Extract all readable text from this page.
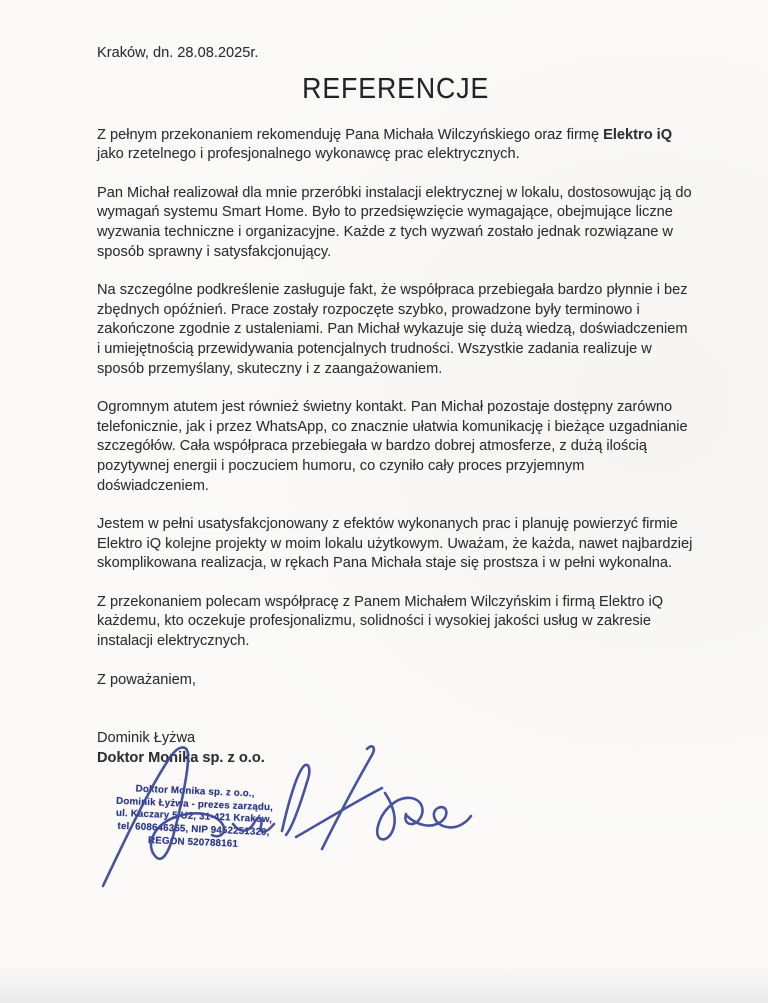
Kraków, dn. 28.08.2025r.
REFERENCJE

Z pełnym przekonaniem rekomenduję Pana Michała Wilczyńskiego oraz firmę Elektro iQ jako rzetelnego i profesjonalnego wykonawcę prac elektrycznych.

Pan Michał realizował dla mnie przeróbki instalacji elektrycznej w lokalu, dostosowując ją do wymagań systemu Smart Home. Było to przedsięwzięcie wymagające, obejmujące liczne wyzwania techniczne i organizacyjne. Każde z tych wyzwań zostało jednak rozwiązane w sposób sprawny i satysfakcjonujący.

Na szczególne podkreślenie zasługuje fakt, że współpraca przebiegała bardzo płynnie i bez zbędnych opóźnień. Prace zostały rozpoczęte szybko, prowadzone były terminowo i zakończone zgodnie z ustaleniami. Pan Michał wykazuje się dużą wiedzą, doświadczeniem i umiejętnością przewidywania potencjalnych trudności. Wszystkie zadania realizuje w sposób przemyślany, skuteczny i z zaangażowaniem.

Ogromnym atutem jest również świetny kontakt. Pan Michał pozostaje dostępny zarówno telefonicznie, jak i przez WhatsApp, co znacznie ułatwia komunikację i bieżące uzgadnianie szczegółów. Cała współpraca przebiegała w bardzo dobrej atmosferze, z dużą ilością pozytywnej energii i poczuciem humoru, co czyniło cały proces przyjemnym doświadczeniem.

Jestem w pełni usatysfakcjonowany z efektów wykonanych prac i planuję powierzyć firmie Elektro iQ kolejne projekty w moim lokalu użytkowym. Uważam, że każda, nawet najbardziej skomplikowana realizacja, w rękach Pana Michała staje się prostsza i w pełni wykonalna.

Z przekonaniem polecam współpracę z Panem Michałem Wilczyńskim i firmą Elektro iQ każdemu, kto oczekuje profesjonalizmu, solidności i wysokiej jakości usług w zakresie instalacji elektrycznych.

Z poważaniem,

Dominik Łyżwa

Doktor Monika sp. z o.o.

Doktor Monika sp. z o.o.,
Dominik Łyżwa - prezes zarządu,
ul. Kaczary 5/U2, 31-421 Kraków,
tel. 608646365, NIP 9452251320,
REGON 520788161
